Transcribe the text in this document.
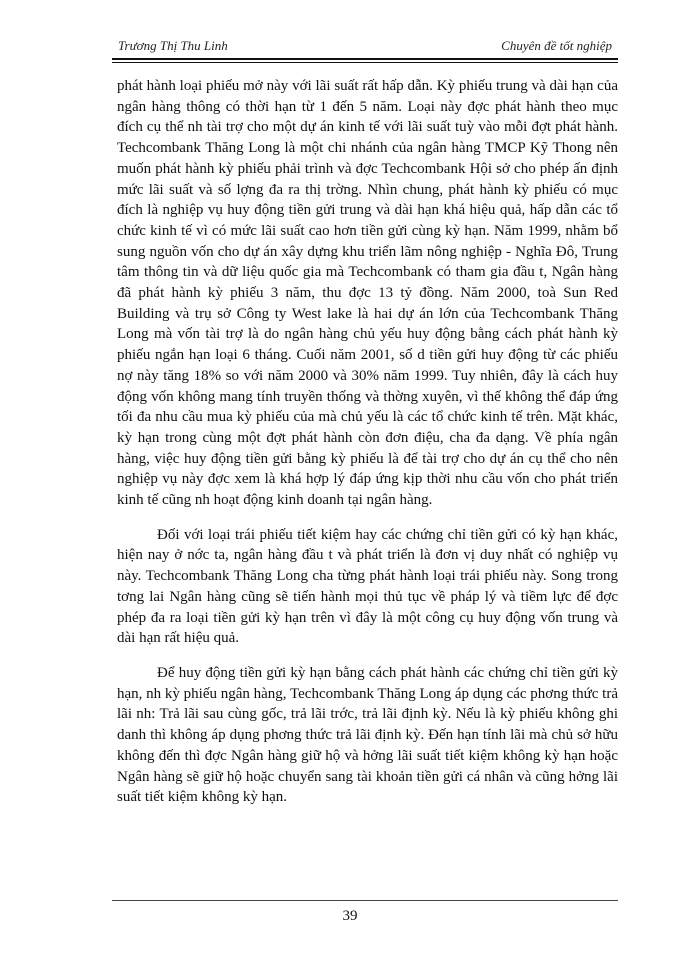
Trương Thị Thu Linh	Chuyên đề tốt nghiệp

phát hành loại phiếu mở này với lãi suất rất hấp dẫn. Kỳ phiếu trung và dài hạn của ngân hàng thông có thời hạn từ 1 đến 5 năm. Loại này đợc phát hành theo mục đích cụ thể nh tài trợ cho một dự án kinh tế với lãi suất tuỳ vào mỗi đợt phát hành. Techcombank Thăng Long là một chi nhánh của ngân hàng TMCP Kỹ Thong nên muốn phát hành kỳ phiếu phải trình và đợc Techcombank Hội sở cho phép ấn định mức lãi suất và số lợng đa ra thị trờng. Nhìn chung, phát hành kỳ phiếu có mục đích là nghiệp vụ huy động tiền gửi trung và dài hạn khá hiệu quả, hấp dẫn các tổ chức kinh tế vì có mức lãi suất cao hơn tiền gửi cùng kỳ hạn. Năm 1999, nhằm bổ sung nguồn vốn cho dự án xây dựng khu triển lãm nông nghiệp - Nghĩa Đô, Trung tâm thông tin và dữ liệu quốc gia mà Techcombank có tham gia đầu t, Ngân hàng đã phát hành kỳ phiếu 3 năm, thu đợc 13 tỷ đồng. Năm 2000, toà Sun Red Building và trụ sở Công ty West lake là hai dự án lớn của Techcombank Thăng Long mà vốn tài trợ là do ngân hàng chủ yếu huy động bằng cách phát hành kỳ phiếu ngắn hạn loại 6 tháng. Cuối năm 2001, số d tiền gửi huy động từ các phiếu nợ này tăng 18% so với năm 2000 và 30% năm 1999. Tuy nhiên, đây là cách huy động vốn không mang tính truyền thống và thờng xuyên, vì thế không thể đáp ứng tối đa nhu cầu mua kỳ phiếu của mà chủ yếu là các tổ chức kinh tế trên. Mặt khác, kỳ hạn trong cùng một đợt phát hành còn đơn điệu, cha đa dạng. Về phía ngân hàng, việc huy động tiền gửi bằng kỳ phiếu là để tài trợ cho dự án cụ thể cho nên nghiệp vụ này đợc xem là khá hợp lý đáp ứng kịp thời nhu cầu vốn cho phát triển kinh tế cũng nh hoạt động kinh doanh tại ngân hàng.

Đối với loại trái phiếu tiết kiệm hay các chứng chỉ tiền gửi có kỳ hạn khác, hiện nay ở nớc ta, ngân hàng đầu t và phát triển là đơn vị duy nhất có nghiệp vụ này. Techcombank Thăng Long cha từng phát hành loại trái phiếu này. Song trong tơng lai Ngân hàng cũng sẽ tiến hành mọi thủ tục về pháp lý và tiềm lực để đợc phép đa ra loại tiền gửi kỳ hạn trên vì đây là một công cụ huy động vốn trung và dài hạn rất hiệu quả.

Để huy động tiền gửi kỳ hạn bằng cách phát hành các chứng chỉ tiền gửi kỳ hạn, nh kỳ phiếu ngân hàng, Techcombank Thăng Long áp dụng các phơng thức trả lãi nh: Trả lãi sau cùng gốc, trả lãi trớc, trả lãi định kỳ. Nếu là kỳ phiếu không ghi danh thì không áp dụng phơng thức trả lãi định kỳ. Đến hạn tính lãi mà chủ sở hữu không đến thì đợc Ngân hàng giữ hộ và hởng lãi suất tiết kiệm không kỳ hạn hoặc Ngân hàng sẽ giữ hộ hoặc chuyển sang tài khoản tiền gửi cá nhân và cũng hởng lãi suất tiết kiệm không kỳ hạn.

39
